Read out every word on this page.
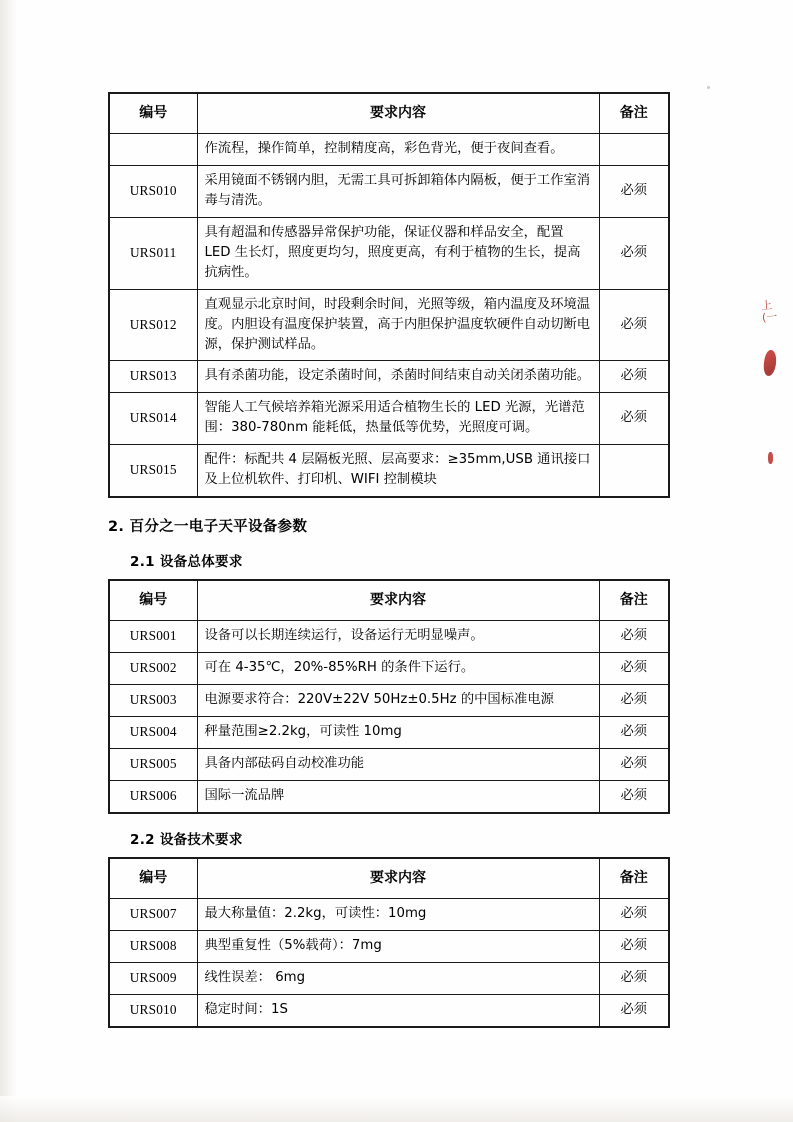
上(一
编号	要求内容	备注
	作流程，操作简单，控制精度高，彩色背光，便于夜间查看。	
URS010	采用镜面不锈钢内胆，无需工具可拆卸箱体内隔板，便于工作室消毒与清洗。	必须
URS011	具有超温和传感器异常保护功能，保证仪器和样品安全，配置 LED 生长灯，照度更均匀，照度更高，有利于植物的生长，提高抗病性。	必须
URS012	直观显示北京时间，时段剩余时间，光照等级，箱内温度及环境温度。内胆设有温度保护装置，高于内胆保护温度软硬件自动切断电源，保护测试样品。	必须
URS013	具有杀菌功能，设定杀菌时间，杀菌时间结束自动关闭杀菌功能。	必须
URS014	智能人工气候培养箱光源采用适合植物生长的 LED 光源，光谱范围：380-780nm 能耗低，热量低等优势，光照度可调。	必须
URS015	配件：标配共 4 层隔板光照、层高要求：≥35mm,USB 通讯接口及上位机软件、打印机、WIFI 控制模块	
2. 百分之一电子天平设备参数
2.1 设备总体要求
编号	要求内容	备注
URS001	设备可以长期连续运行，设备运行无明显噪声。	必须
URS002	可在 4-35℃，20%-85%RH 的条件下运行。	必须
URS003	电源要求符合：220V±22V 50Hz±0.5Hz 的中国标准电源	必须
URS004	秤量范围≥2.2kg，可读性 10mg	必须
URS005	具备内部砝码自动校准功能	必须
URS006	国际一流品牌	必须
2.2 设备技术要求
编号	要求内容	备注
URS007	最大称量值：2.2kg，可读性：10mg	必须
URS008	典型重复性（5%载荷）：7mg	必须
URS009	线性误差： 6mg	必须
URS010	稳定时间：1S	必须
